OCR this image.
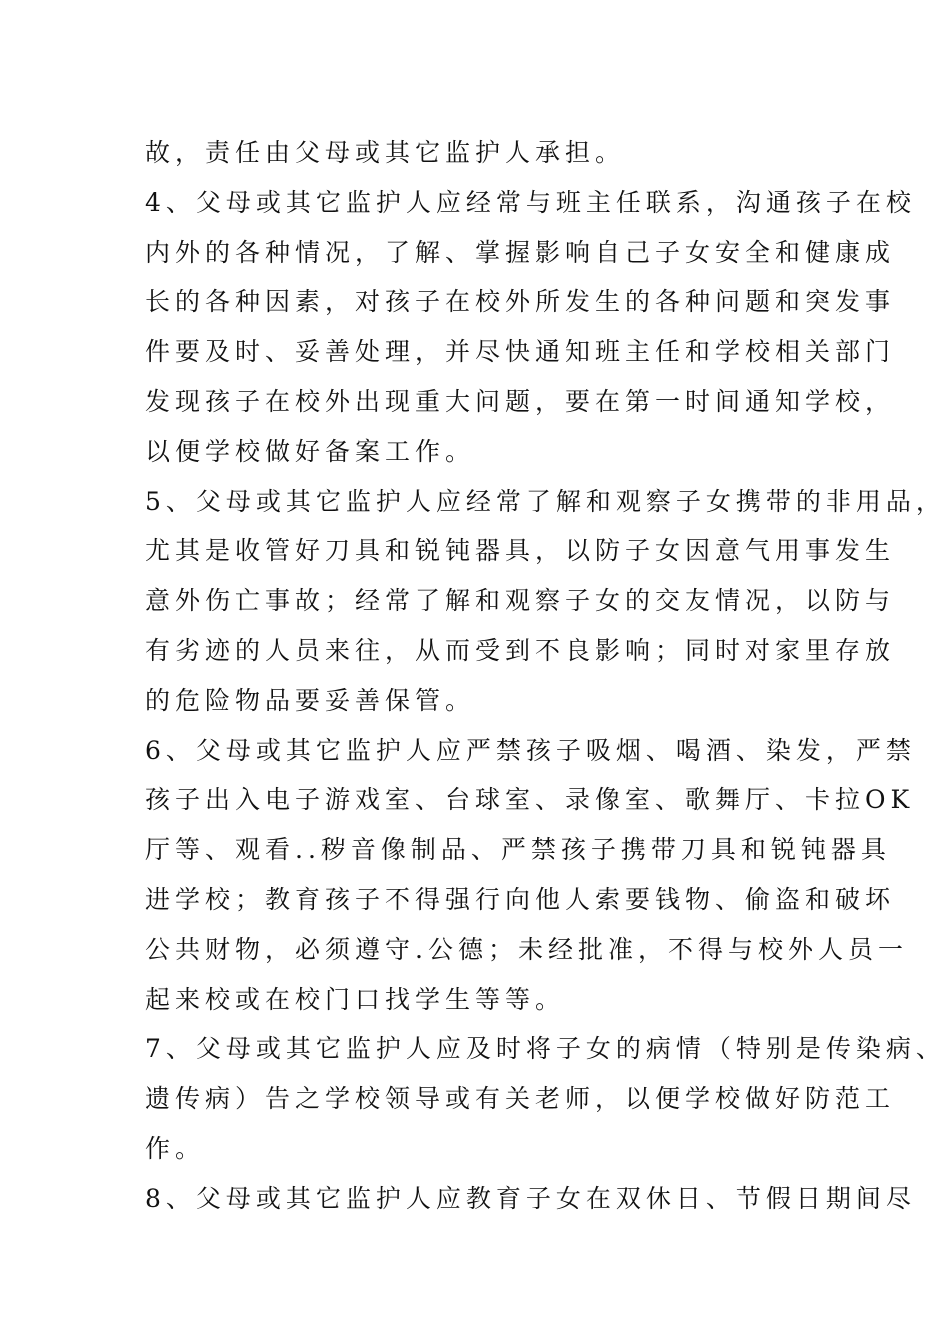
故，责任由父母或其它监护人承担。
4、父母或其它监护人应经常与班主任联系，沟通孩子在校
内外的各种情况，了解、掌握影响自己子女安全和健康成
长的各种因素，对孩子在校外所发生的各种问题和突发事
件要及时、妥善处理，并尽快通知班主任和学校相关部门
发现孩子在校外出现重大问题，要在第一时间通知学校，
以便学校做好备案工作。
5、父母或其它监护人应经常了解和观察子女携带的非用品，
尤其是收管好刀具和锐钝器具，以防子女因意气用事发生
意外伤亡事故；经常了解和观察子女的交友情况，以防与
有劣迹的人员来往，从而受到不良影响；同时对家里存放
的危险物品要妥善保管。
6、父母或其它监护人应严禁孩子吸烟、喝酒、染发，严禁
孩子出入电子游戏室、台球室、录像室、歌舞厅、卡拉OK
厅等、观看..秽音像制品、严禁孩子携带刀具和锐钝器具
进学校；教育孩子不得强行向他人索要钱物、偷盗和破坏
公共财物，必须遵守.公德；未经批准，不得与校外人员一
起来校或在校门口找学生等等。
7、父母或其它监护人应及时将子女的病情（特别是传染病、
遗传病）告之学校领导或有关老师，以便学校做好防范工
作。
8、父母或其它监护人应教育子女在双休日、节假日期间尽
